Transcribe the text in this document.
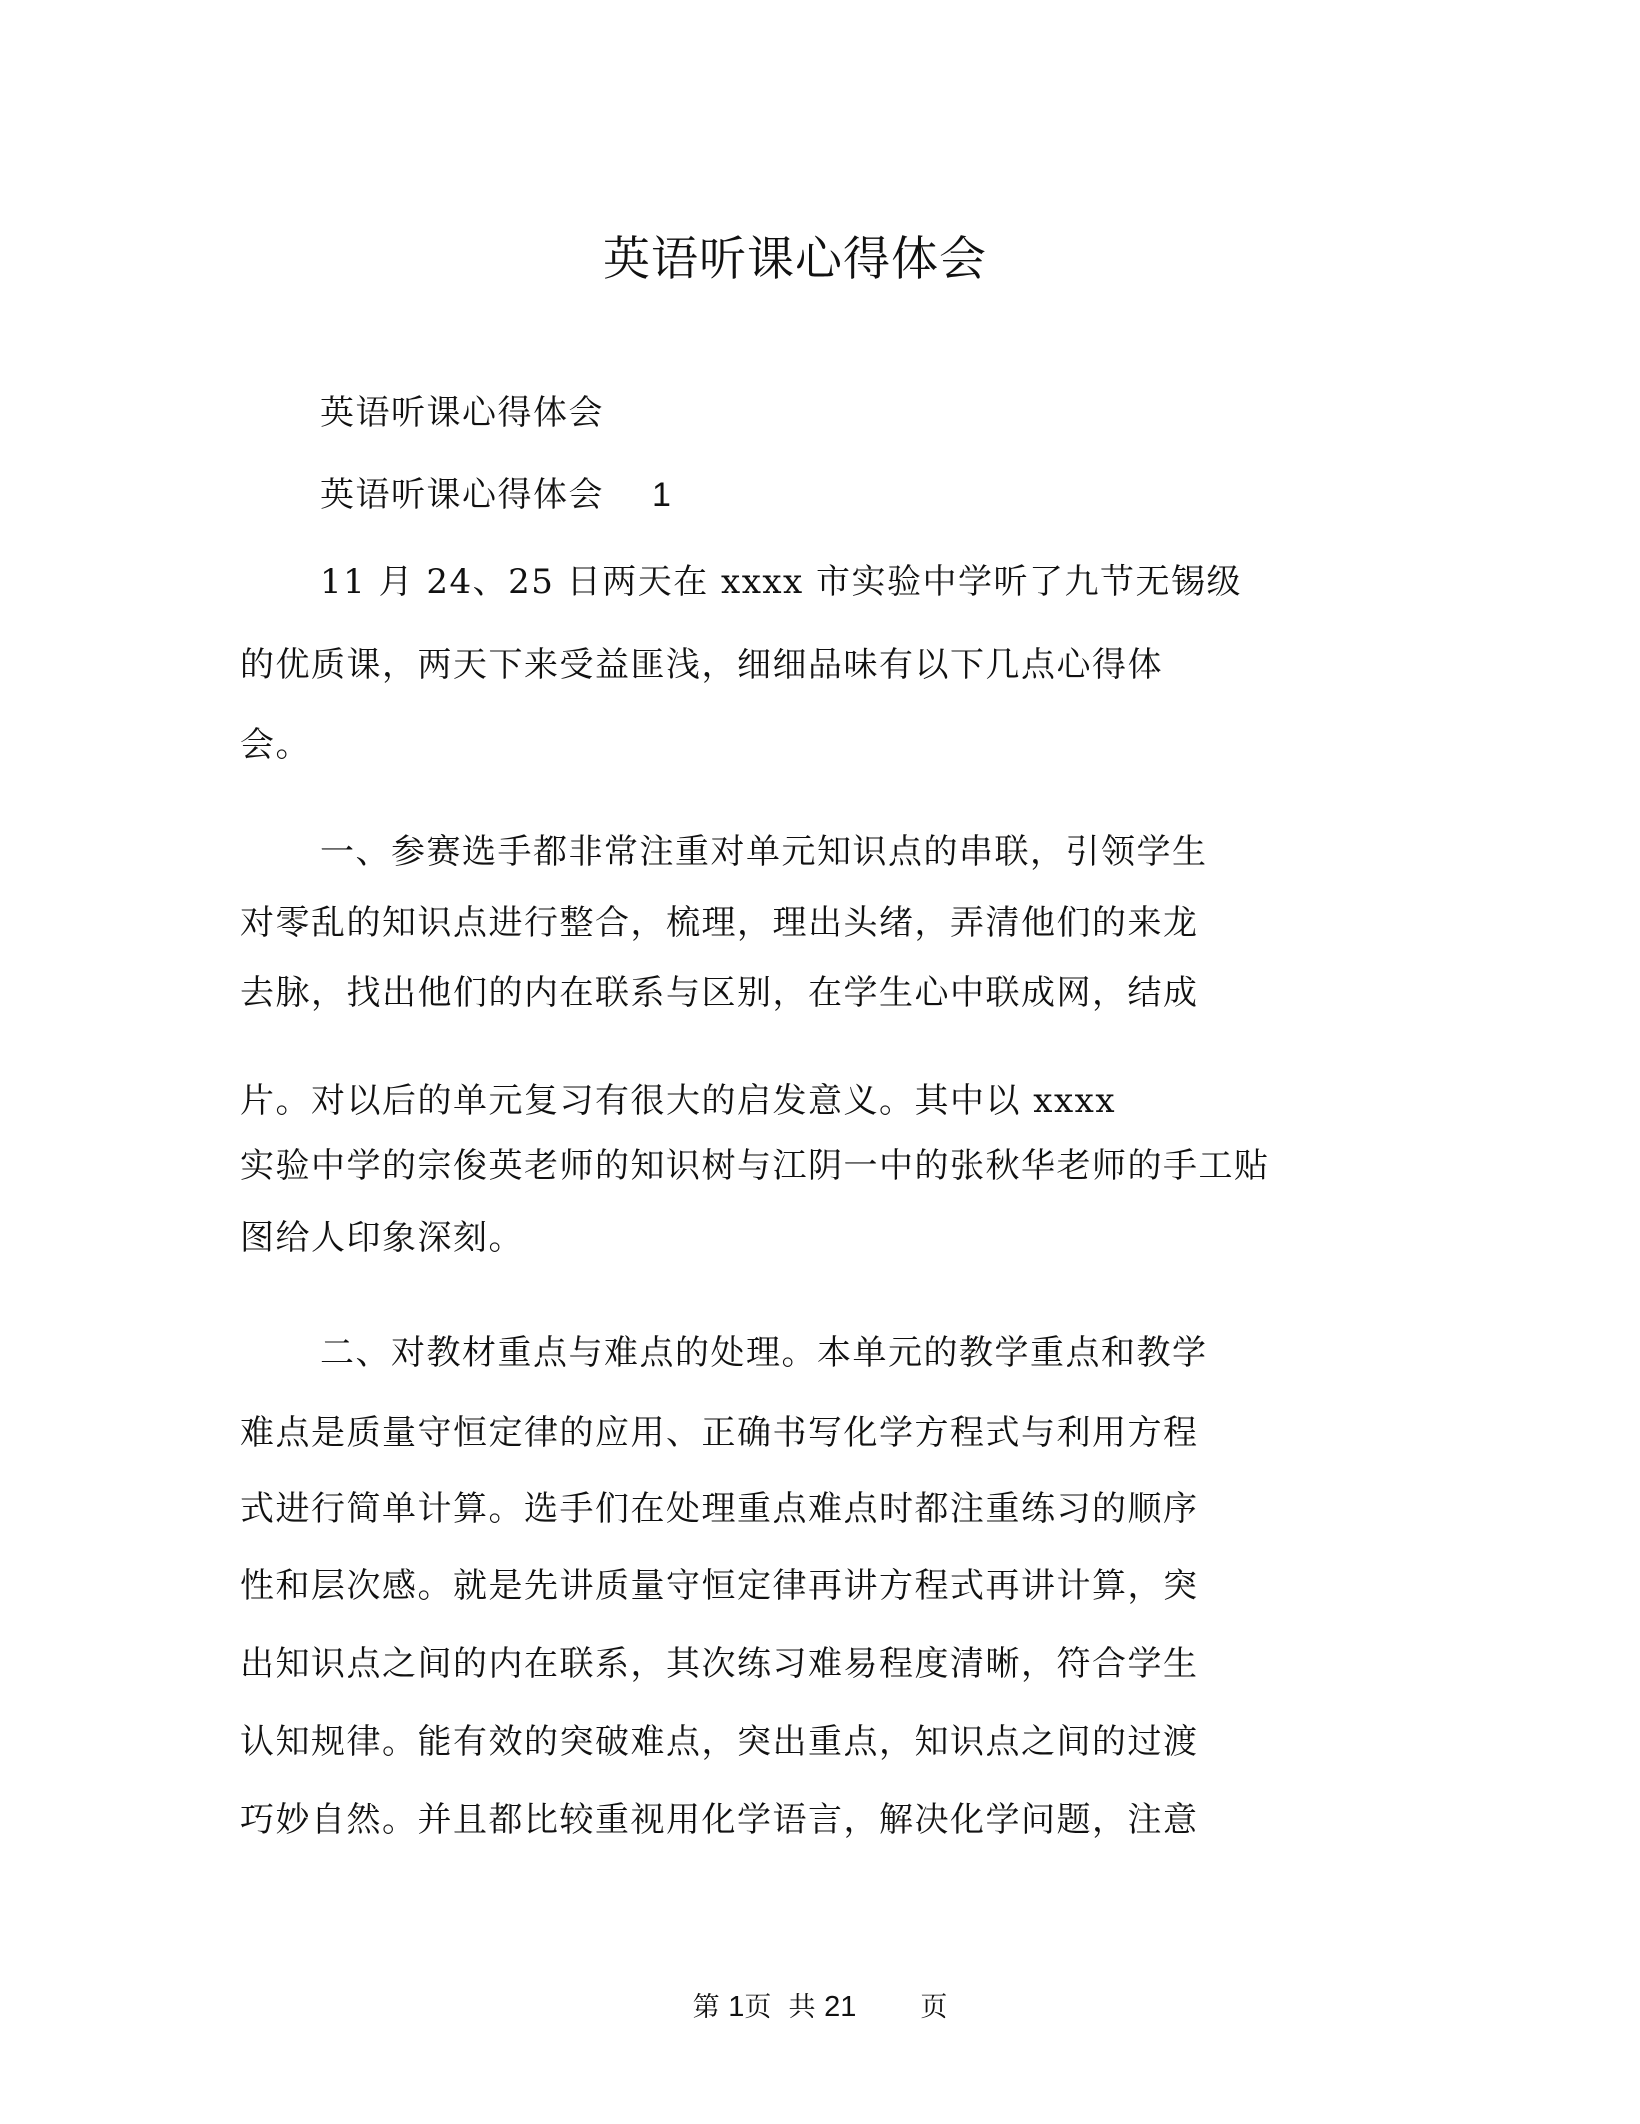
英语听课心得体会
英语听课心得体会
英语听课心得体会 1
11 月 24、25 日两天在 xxxx 市实验中学听了九节无锡级
的优质课，两天下来受益匪浅，细细品味有以下几点心得体
会。
一、参赛选手都非常注重对单元知识点的串联，引领学生
对零乱的知识点进行整合，梳理，理出头绪，弄清他们的来龙
去脉，找出他们的内在联系与区别，在学生心中联成网，结成
片。对以后的单元复习有很大的启发意义。其中以 xxxx
实验中学的宗俊英老师的知识树与江阴一中的张秋华老师的手工贴
图给人印象深刻。
二、对教材重点与难点的处理。本单元的教学重点和教学
难点是质量守恒定律的应用、正确书写化学方程式与利用方程
式进行简单计算。选手们在处理重点难点时都注重练习的顺序
性和层次感。就是先讲质量守恒定律再讲方程式再讲计算，突
出知识点之间的内在联系，其次练习难易程度清晰，符合学生
认知规律。能有效的突破难点，突出重点，知识点之间的过渡
巧妙自然。并且都比较重视用化学语言，解决化学问题，注意
第 1页  共 21 页
